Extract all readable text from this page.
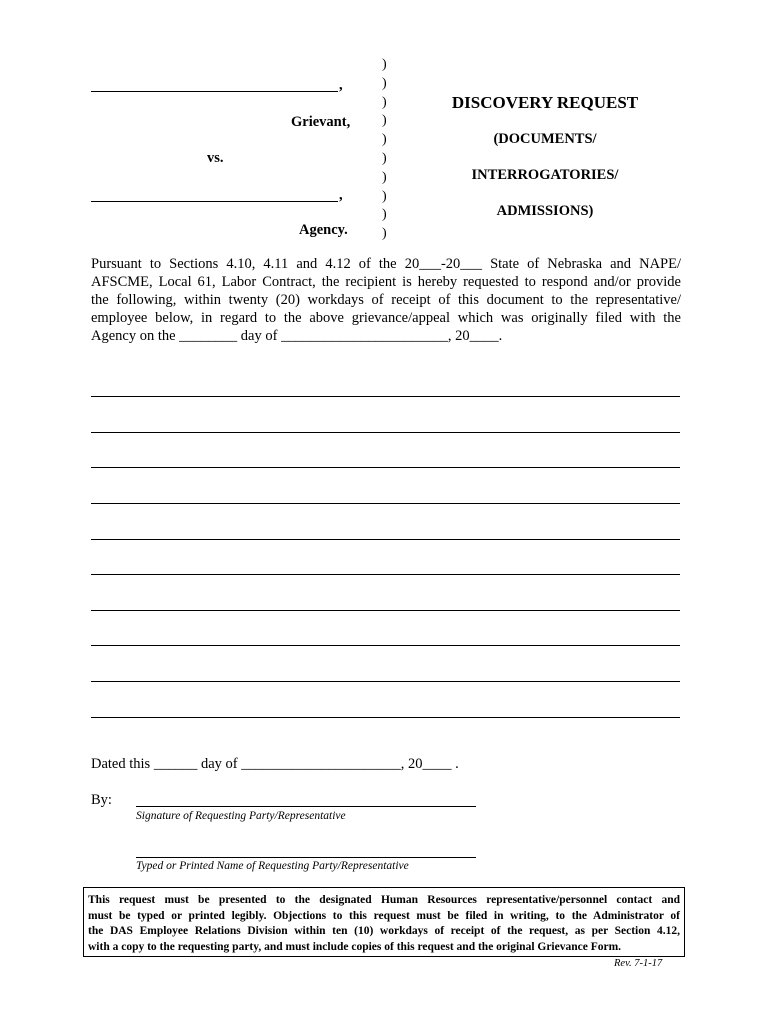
,
Grievant,
vs.
,
Agency.
)
)
)
)
)
)
)
)
)
)
DISCOVERY REQUEST
(DOCUMENTS/
INTERROGATORIES/
ADMISSIONS)
Pursuant to Sections 4.10, 4.11 and 4.12 of the 20___-20___ State of Nebraska and NAPE/
AFSCME, Local 61, Labor Contract, the recipient is hereby requested to respond and/or provide
the following, within twenty (20) workdays of receipt of this document to the representative/
employee below, in regard to the above grievance/appeal which was originally filed with the
Agency on the ________ day of _______________________, 20____.
Dated this ______ day of ______________________, 20____ .
By:
Signature of Requesting Party/Representative
Typed or Printed Name of Requesting Party/Representative
This request must be presented to the designated Human Resources representative/personnel contact and
must be typed or printed legibly. Objections to this request must be filed in writing, to the Administrator of
the DAS Employee Relations Division within ten (10) workdays of receipt of the request, as per Section 4.12,
with a copy to the requesting party, and must include copies of this request and the original Grievance Form.
Rev. 7-1-17
